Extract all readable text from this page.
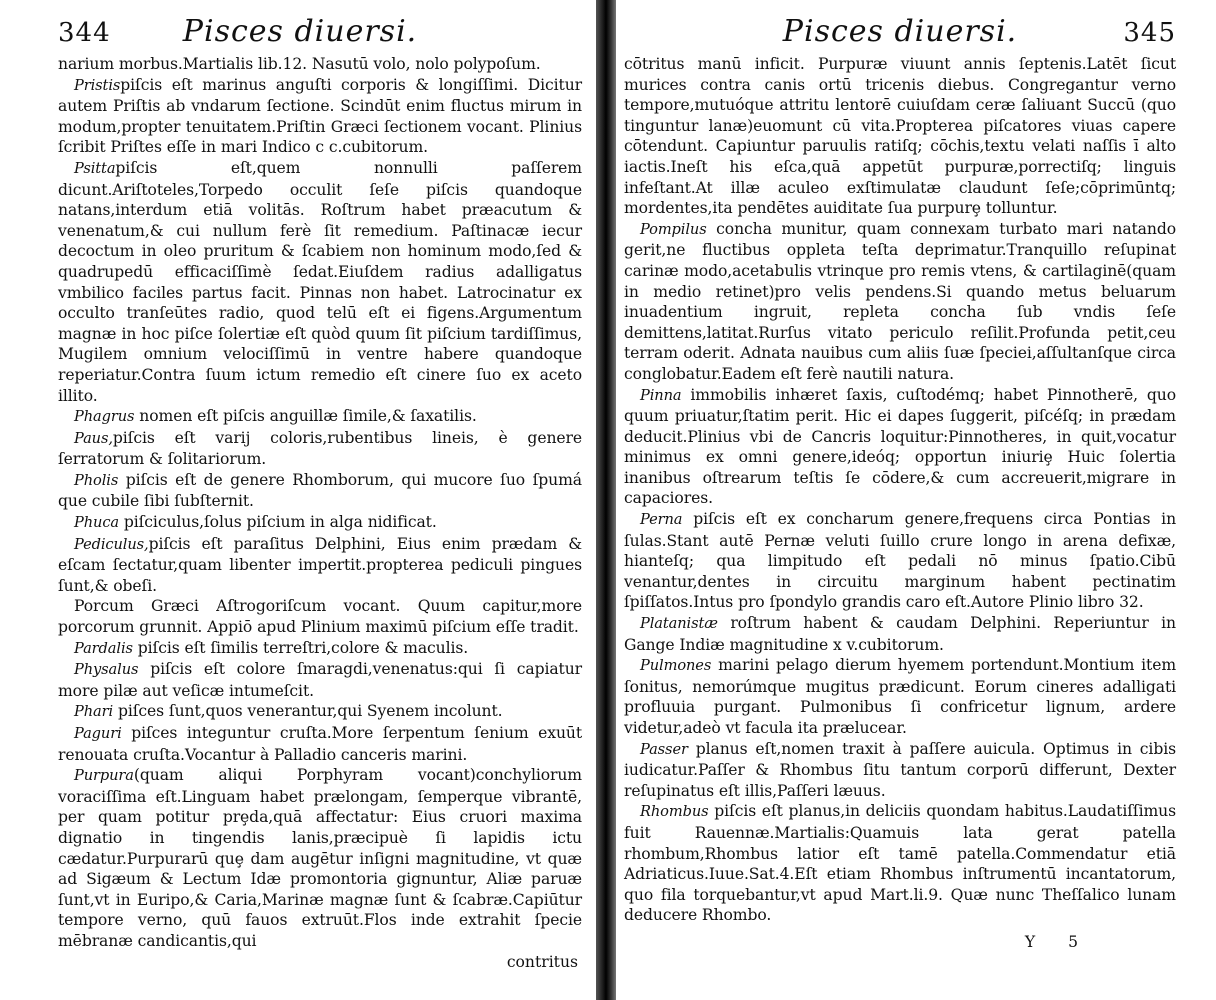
344	Pisces diuersi.

narium morbus.Martialis lib.12. Nasutū volo, nolo polypoſum.

Pristispiſcis eſt marinus anguſti corporis & longiſſimi. Dicitur autem Priſtis ab vndarum ſectione. Scindūt enim fluctus mirum in modum,propter tenuitatem.Priſtin Græci ſectionem vocant. Plinius ſcribit Priſtes eſſe in mari Indico c c.cubitorum.

Psittapiſcis eſt,quem nonnulli paſſerem dicunt.Ariſtoteles,Torpedo occulit ſeſe piſcis quandoque natans,interdum etiā volitās. Roſtrum habet præacutum & venenatum,& cui nullum ferè ſit remedium. Paſtinacæ iecur decoctum in oleo pruritum & ſcabiem non hominum modo,ſed & quadrupedū efficaciſſimè ſedat.Eiuſdem radius adalligatus vmbilico faciles partus facit. Pinnas non habet. Latrocinatur ex occulto tranſeūtes radio, quod telū eſt ei figens.Argumentum magnæ in hoc piſce ſolertiæ eſt quòd quum ſit piſcium tardiſſimus, Mugilem omnium velociſſimū in ventre habere quandoque reperiatur.Contra ſuum ictum remedio eſt cinere ſuo ex aceto illito.

Phagrus nomen eſt piſcis anguillæ ſimile,& ſaxatilis.

Paus,piſcis eſt varij coloris,rubentibus lineis, è genere ſerratorum & ſolitariorum.

Pholis piſcis eſt de genere Rhomborum, qui mucore ſuo ſpumá que cubile ſibi ſubſternit.

Phuca piſciculus,ſolus piſcium in alga nidificat.

Pediculus,piſcis eſt paraſitus Delphini, Eius enim prædam & eſcam ſectatur,quam libenter impertit.propterea pediculi pingues ſunt,& obeſi.

Porcum Græci Aſtrogoriſcum vocant. Quum capitur,more porcorum grunnit. Appiō apud Plinium maximū piſcium eſſe tradit.

Pardalis piſcis eſt ſimilis terreſtri,colore & maculis.

Physalus piſcis eſt colore ſmaragdi,venenatus:qui ſi capiatur more pilæ aut veſicæ intumeſcit.

Phari piſces ſunt,quos venerantur,qui Syenem incolunt.

Paguri piſces integuntur cruſta.More ſerpentum ſenium exuūt renouata cruſta.Vocantur à Palladio canceris marini.

Purpura(quam aliqui Porphyram vocant)conchyliorum voraciſſima eſt.Linguam habet prælongam, ſemperque vibrantē, per quam potitur prȩda,quā affectatur: Eius cruori maxima dignatio in tingendis lanis,præcipuè ſi lapidis ictu cædatur.Purpurarū quȩ dam augētur inſigni magnitudine, vt quæ ad Sigæum & Lectum Idæ promontoria gignuntur, Aliæ paruæ ſunt,vt in Euripo,& Caria,Marinæ magnæ ſunt & ſcabræ.Capiūtur tempore verno, quū fauos extruūt.Flos inde extrahit ſpecie mēbranæ candicantis,qui

contritus

Pisces diuersi.	345

cōtritus manū inficit. Purpuræ viuunt annis ſeptenis.Latēt ſicut murices contra canis ortū tricenis diebus. Congregantur verno tempore,mutuóque attritu lentorē cuiuſdam ceræ ſaliuant Succū (quo tinguntur lanæ)euomunt cū vita.Propterea piſcatores viuas capere cōtendunt. Capiuntur paruulis ratiſq; cōchis,textu velati naſſis ī alto iactis.Ineſt his eſca,quā appetūt purpuræ,porrectiſq; linguis infeſtant.At illæ aculeo exſtimulatæ claudunt ſeſe;cōprimūntq; mordentes,ita pendētes auiditate ſua purpurȩ tolluntur.

Pompilus concha munitur, quam connexam turbato mari natando gerit,ne fluctibus oppleta teſta deprimatur.Tranquillo reſupinat carinæ modo,acetabulis vtrinque pro remis vtens, & cartilaginē(quam in medio retinet)pro velis pendens.Si quando metus beluarum inuadentium ingruit, repleta concha ſub vndis ſeſe demittens,latitat.Rurſus vitato periculo reſilit.Profunda petit,ceu terram oderit. Adnata nauibus cum aliis ſuæ ſpeciei,aſſultanſque circa conglobatur.Eadem eſt ferè nautili natura.

Pinna immobilis inhæret ſaxis, cuſtodémq; habet Pinnotherē, quo quum priuatur,ſtatim perit. Hic ei dapes ſuggerit, piſcéſq; in prædam deducit.Plinius vbi de Cancris loquitur:Pinnotheres, in quit,vocatur minimus ex omni genere,ideóq; opportun iniuriȩ Huic ſolertia inanibus oſtrearum teſtis ſe cōdere,& cum accreuerit,migrare in capaciores.

Perna piſcis eſt ex concharum genere,frequens circa Pontias in ſulas.Stant autē Pernæ veluti ſuillo crure longo in arena defixæ, hianteſq; qua limpitudo eſt pedali nō minus ſpatio.Cibū venantur,dentes in circuitu marginum habent pectinatim ſpiſſatos.Intus pro ſpondylo grandis caro eſt.Autore Plinio libro 32.

Platanistæ roſtrum habent & caudam Delphini. Reperiuntur in Gange Indiæ magnitudine x v.cubitorum.

Pulmones marini pelago dierum hyemem portendunt.Montium item ſonitus, nemorúmque mugitus prædicunt. Eorum cineres adalligati profluuia purgant. Pulmonibus ſi confricetur lignum, ardere videtur,adeò vt facula ita prælucear.

Passer planus eſt,nomen traxit à paſſere auicula. Optimus in cibis iudicatur.Paſſer & Rhombus ſitu tantum corporū differunt, Dexter reſupinatus eſt illis,Paſſeri læuus.

Rhombus piſcis eſt planus,in deliciis quondam habitus.Laudatiſſimus fuit Rauennæ.Martialis:Quamuis lata gerat patella rhombum,Rhombus latior eſt tamē patella.Commendatur etiā Adriaticus.Iuue.Sat.4.Eſt etiam Rhombus inſtrumentū incantatorum, quo fila torquebantur,vt apud Mart.li.9. Quæ nunc Theſſalico lunam deducere Rhombo.

Y 5
